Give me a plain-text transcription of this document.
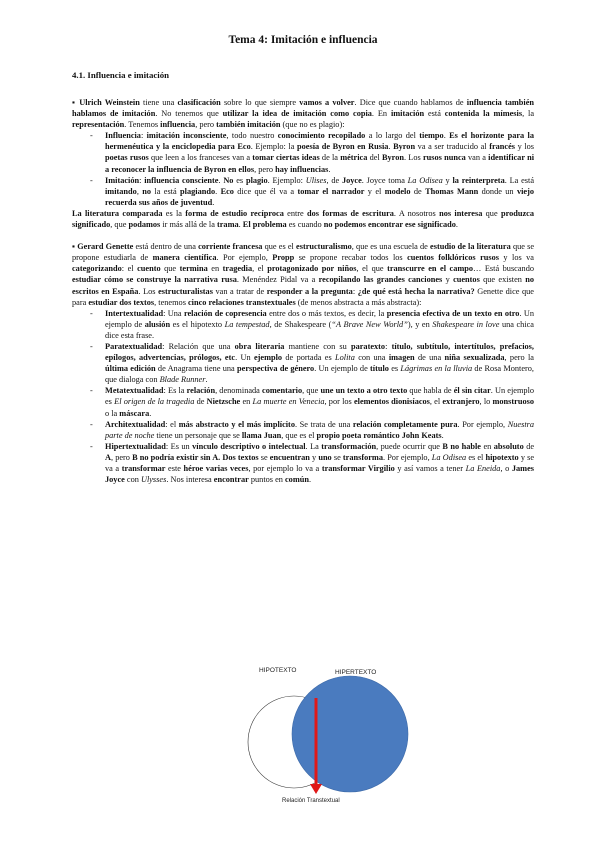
Tema 4: Imitación e influencia
4.1. Influencia e imitación

▪ Ulrich Weinstein tiene una clasificación sobre lo que siempre vamos a volver. Dice que cuando hablamos de influencia también hablamos de imitación. No tenemos que utilizar la idea de imitación como copia. En imitación está contenida la mímesis, la representación. Tenemos influencia, pero también imitación (que no es plagio):

- Influencia: imitación inconsciente, todo nuestro conocimiento recopilado a lo largo del tiempo. Es el horizonte para la hermenéutica y la enciclopedia para Eco. Ejemplo: la poesía de Byron en Rusia. Byron va a ser traducido al francés y los poetas rusos que leen a los franceses van a tomar ciertas ideas de la métrica del Byron. Los rusos nunca van a identificar ni a reconocer la influencia de Byron en ellos, pero hay influencias.
- Imitación: influencia consciente. No es plagio. Ejemplo: Ulises, de Joyce. Joyce toma La Odisea y la reinterpreta. La está imitando, no la está plagiando. Eco dice que él va a tomar el narrador y el modelo de Thomas Mann donde un viejo recuerda sus años de juventud.

La literatura comparada es la forma de estudio recíproca entre dos formas de escritura. A nosotros nos interesa que produzca significado, que podamos ir más allá de la trama. El problema es cuando no podemos encontrar ese significado.

▪ Gerard Genette está dentro de una corriente francesa que es el estructuralismo, que es una escuela de estudio de la literatura que se propone estudiarla de manera científica. Por ejemplo, Propp se propone recabar todos los cuentos folklóricos rusos y los va categorizando: el cuento que termina en tragedia, el protagonizado por niños, el que transcurre en el campo… Está buscando estudiar cómo se construye la narrativa rusa. Menéndez Pidal va a recopilando las grandes canciones y cuentos que existen no escritos en España. Los estructuralistas van a tratar de responder a la pregunta: ¿de qué está hecha la narrativa? Genette dice que para estudiar dos textos, tenemos cinco relaciones transtextuales (de menos abstracta a más abstracta):

- Intertextualidad: Una relación de copresencia entre dos o más textos, es decir, la presencia efectiva de un texto en otro. Un ejemplo de alusión es el hipotexto La tempestad, de Shakespeare (“A Brave New World”), y en Shakespeare in love una chica dice esta frase.
- Paratextualidad: Relación que una obra literaria mantiene con su paratexto: título, subtítulo, intertítulos, prefacios, epílogos, advertencias, prólogos, etc. Un ejemplo de portada es Lolita con una imagen de una niña sexualizada, pero la última edición de Anagrama tiene una perspectiva de género. Un ejemplo de título es Lágrimas en la lluvia de Rosa Montero, que dialoga con Blade Runner.
- Metatextualidad: Es la relación, denominada comentario, que une un texto a otro texto que habla de él sin citar. Un ejemplo es El origen de la tragedia de Nietzsche en La muerte en Venecia, por los elementos dionisíacos, el extranjero, lo monstruoso o la máscara.
- Architextualidad: el más abstracto y el más implícito. Se trata de una relación completamente pura. Por ejemplo, Nuestra parte de noche tiene un personaje que se llama Juan, que es el propio poeta romántico John Keats.
- Hipertextualidad: Es un vínculo descriptivo o intelectual. La transformación, puede ocurrir que B no hable en absoluto de A, pero B no podría existir sin A. Dos textos se encuentran y uno se transforma. Por ejemplo, La Odisea es el hipotexto y se va a transformar este héroe varias veces, por ejemplo lo va a transformar Virgilio y así vamos a tener La Eneida, o James Joyce con Ulysses. Nos interesa encontrar puntos en común.
HIPOTEXTO	HIPERTEXTO
Relación Transtextual
